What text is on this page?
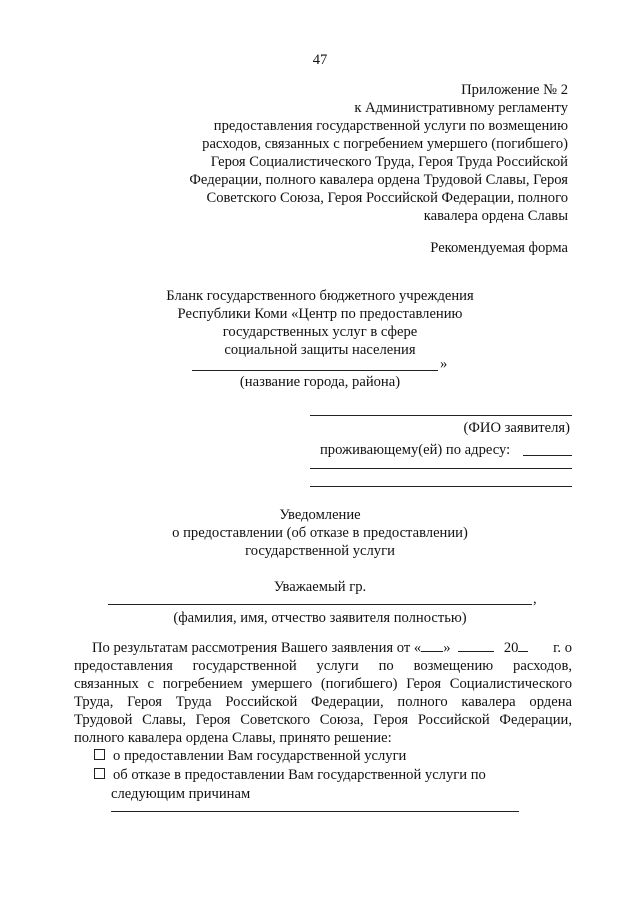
47
Приложение № 2
к Административному регламенту
предоставления государственной услуги по возмещению
расходов, связанных с погребением умершего (погибшего)
Героя Социалистического Труда, Героя Труда Российской
Федерации, полного кавалера ордена Трудовой Славы, Героя
Советского Союза, Героя Российской Федерации, полного
кавалера ордена Славы
Рекомендуемая форма
Бланк государственного бюджетного учреждения
Республики Коми «Центр по предоставлению
государственных услуг в сфере
социальной защиты населения
»
(название города, района)
(ФИО заявителя)
проживающему(ей) по адресу:
Уведомление
о предоставлении (об отказе в предоставлении)
государственной услуги
Уважаемый гр.
,
(фамилия, имя, отчество заявителя полностью)
По результатам рассмотрения Вашего заявления от « »	20 г. о
предоставления государственной услуги по возмещению расходов,
связанных с погребением умершего (погибшего) Героя Социалистического
Труда, Героя Труда Российской Федерации, полного кавалера ордена
Трудовой Славы, Героя Советского Союза, Героя Российской Федерации,
полного кавалера ордена Славы, принято решение:
о предоставлении Вам государственной услуги
об отказе в предоставлении Вам государственной услуги по
следующим причинам
